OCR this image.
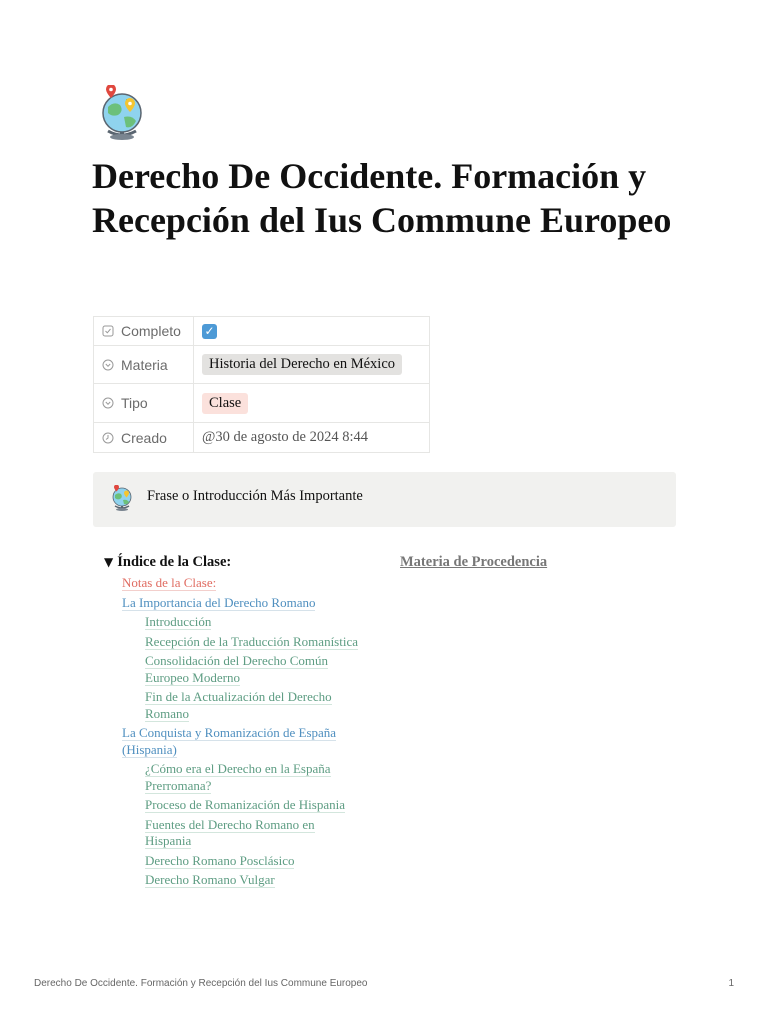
Derecho De Occidente. Formación y Recepción del Ius Commune Europeo
Completo	✓
Materia	Historia del Derecho en México
Tipo	Clase
Creado	@30 de agosto de 2024 8:44
Frase o Introducción Más Importante
▼ Índice de la Clase:
Notas de la Clase:
La Importancia del Derecho Romano
Introducción
Recepción de la Traducción Romanística
Consolidación del Derecho Común Europeo Moderno
Fin de la Actualización del Derecho Romano
La Conquista y Romanización de España (Hispania)
¿Cómo era el Derecho en la España Prerromana?
Proceso de Romanización de Hispania
Fuentes del Derecho Romano en Hispania
Derecho Romano Posclásico
Derecho Romano Vulgar
Materia de Procedencia
Derecho De Occidente. Formación y Recepción del Ius Commune Europeo	1
